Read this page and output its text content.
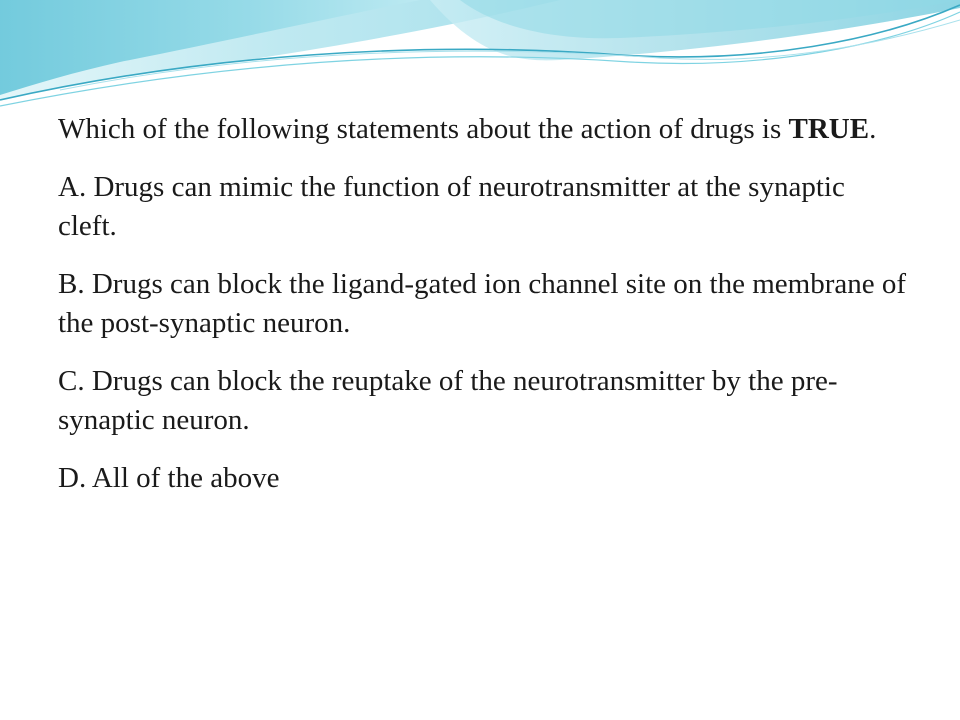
Which of the following statements about the action of drugs is TRUE.

A. Drugs can mimic the function of neurotransmitter at the synaptic cleft.

B. Drugs can block the ligand-gated ion channel site on the membrane of the post-synaptic neuron.

C. Drugs can block the reuptake of the neurotransmitter by the pre-synaptic neuron.

D. All of the above
